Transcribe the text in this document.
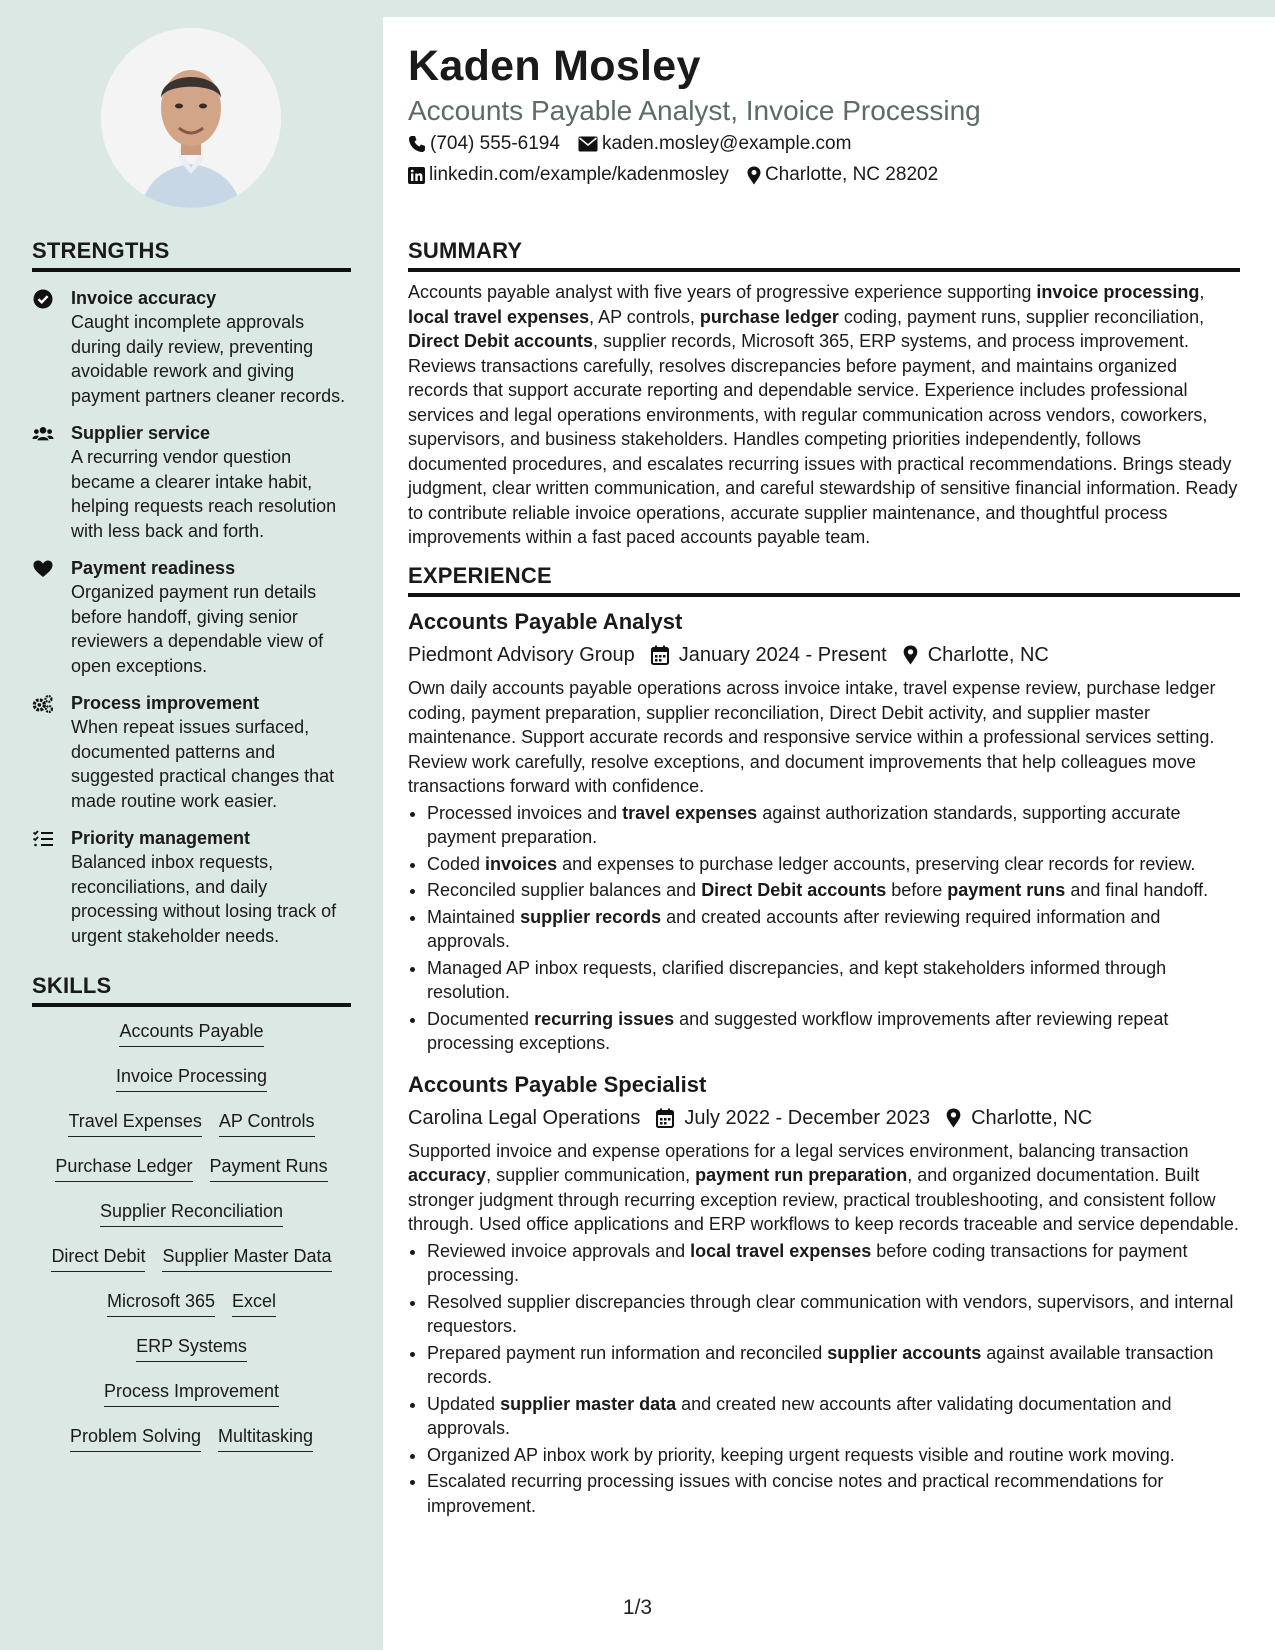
STRENGTHS
Invoice accuracy
Caught incomplete approvals during daily review, preventing avoidable rework and giving payment partners cleaner records.
Supplier service
A recurring vendor question became a clearer intake habit, helping requests reach resolution with less back and forth.
Payment readiness
Organized payment run details before handoff, giving senior reviewers a dependable view of open exceptions.
Process improvement
When repeat issues surfaced, documented patterns and suggested practical changes that made routine work easier.
Priority management
Balanced inbox requests, reconciliations, and daily processing without losing track of urgent stakeholder needs.
SKILLS
Accounts Payable
Invoice Processing
Travel Expenses AP Controls
Purchase Ledger Payment Runs
Supplier Reconciliation
Direct Debit Supplier Master Data
Microsoft 365 Excel
ERP Systems
Process Improvement
Problem Solving Multitasking
Kaden Mosley
Accounts Payable Analyst, Invoice Processing
(704) 555-6194 kaden.mosley@example.com
linkedin.com/example/kadenmosley Charlotte, NC 28202
SUMMARY

Accounts payable analyst with five years of progressive experience supporting invoice processing, local travel expenses, AP controls, purchase ledger coding, payment runs, supplier reconciliation, Direct Debit accounts, supplier records, Microsoft 365, ERP systems, and process improvement. Reviews transactions carefully, resolves discrepancies before payment, and maintains organized records that support accurate reporting and dependable service. Experience includes professional services and legal operations environments, with regular communication across vendors, coworkers, supervisors, and business stakeholders. Handles competing priorities independently, follows documented procedures, and escalates recurring issues with practical recommendations. Brings steady judgment, clear written communication, and careful stewardship of sensitive financial information. Ready to contribute reliable invoice operations, accurate supplier maintenance, and thoughtful process improvements within a fast paced accounts payable team.

EXPERIENCE
Accounts Payable Analyst
Piedmont Advisory Group January 2024 - Present Charlotte, NC

Own daily accounts payable operations across invoice intake, travel expense review, purchase ledger coding, payment preparation, supplier reconciliation, Direct Debit activity, and supplier master maintenance. Support accurate records and responsive service within a professional services setting. Review work carefully, resolve exceptions, and document improvements that help colleagues move transactions forward with confidence.

• Processed invoices and travel expenses against authorization standards, supporting accurate payment preparation.
• Coded invoices and expenses to purchase ledger accounts, preserving clear records for review.
• Reconciled supplier balances and Direct Debit accounts before payment runs and final handoff.
• Maintained supplier records and created accounts after reviewing required information and approvals.
• Managed AP inbox requests, clarified discrepancies, and kept stakeholders informed through resolution.
• Documented recurring issues and suggested workflow improvements after reviewing repeat processing exceptions.
Accounts Payable Specialist
Carolina Legal Operations July 2022 - December 2023 Charlotte, NC

Supported invoice and expense operations for a legal services environment, balancing transaction accuracy, supplier communication, payment run preparation, and organized documentation. Built stronger judgment through recurring exception review, practical troubleshooting, and consistent follow through. Used office applications and ERP workflows to keep records traceable and service dependable.

• Reviewed invoice approvals and local travel expenses before coding transactions for payment processing.
• Resolved supplier discrepancies through clear communication with vendors, supervisors, and internal requestors.
• Prepared payment run information and reconciled supplier accounts against available transaction records.
• Updated supplier master data and created new accounts after validating documentation and approvals.
• Organized AP inbox work by priority, keeping urgent requests visible and routine work moving.
• Escalated recurring processing issues with concise notes and practical recommendations for improvement.
1/3
